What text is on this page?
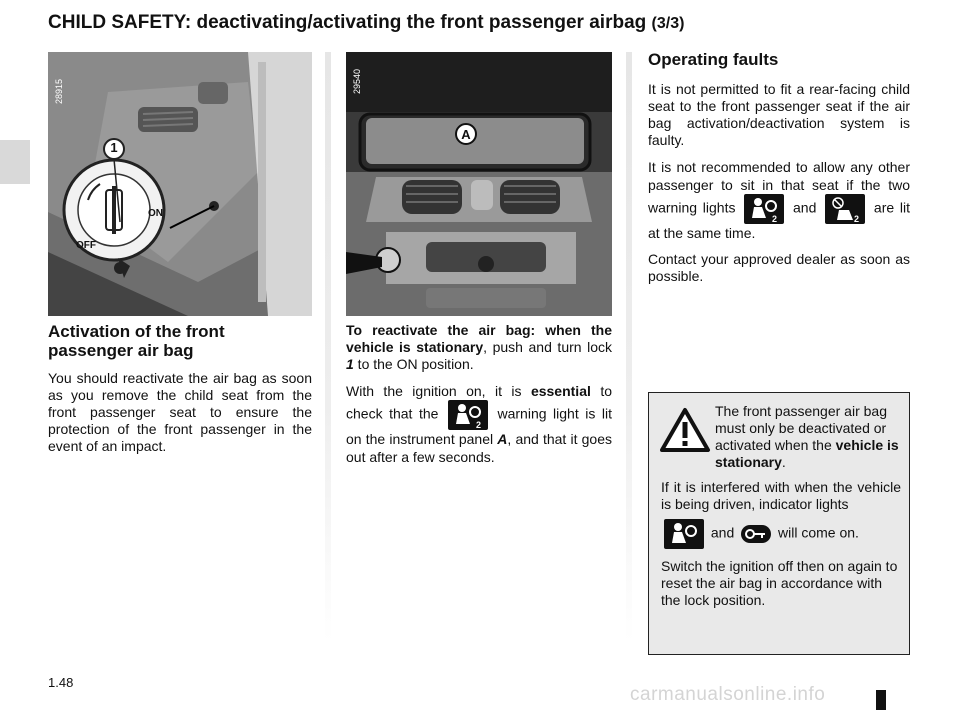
CHILD SAFETY: deactivating/activating the front passenger airbag (3/3)
ON
OFF
1
28915
A
29540
Activation of the front passenger air bag

You should reactivate the air bag as soon as you remove the child seat from the front passenger seat to ensure the protection of the front passenger in the event of an impact.

To reactivate the air bag: when the vehicle is stationary, push and turn lock 1 to the ON position.

With the ignition on, it is essential to check that the
2
warning light is lit on the instrument panel A, and that it goes out after a few seconds.

Operating faults

It is not permitted to fit a rear-facing child seat to the front passenger seat if the air bag activation/deactivation system is faulty.

It is not recommended to allow any other passenger to sit in that seat if the two warning lights
2
and
2
are lit at the same time.

Contact your approved dealer as soon as possible.

The front passenger air bag must only be deactivated or activated when the vehicle is stationary.

If it is interfered with when the vehicle is being driven, indicator lights

and	will come on.

Switch the ignition off then on again to reset the air bag in accordance with the lock position.

1.48
carmanualsonline.info
